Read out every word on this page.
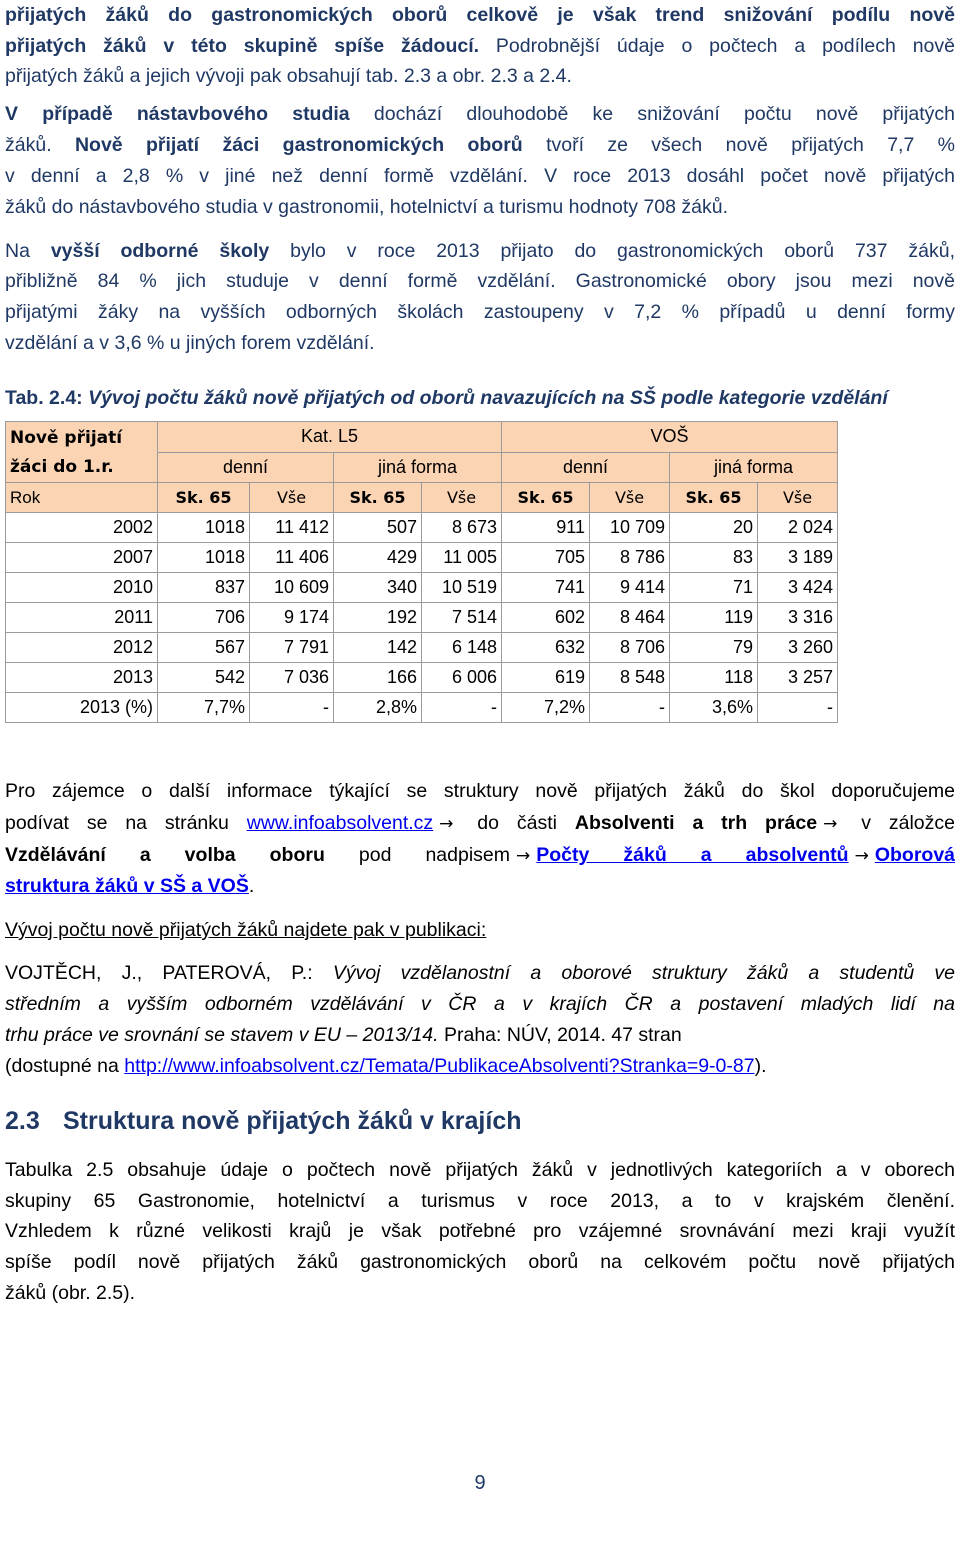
přijatých žáků do gastronomických oborů celkově je však trend snižování podílu nově
přijatých žáků v této skupině spíše žádoucí. Podrobnější údaje o počtech a podílech nově
přijatých žáků a jejich vývoji pak obsahují tab. 2.3 a obr. 2.3 a 2.4.
V případě nástavbového studia dochází dlouhodobě ke snižování počtu nově přijatých
žáků. Nově přijatí žáci gastronomických oborů tvoří ze všech nově přijatých 7,7 %
v denní a 2,8 % v jiné než denní formě vzdělání. V roce 2013 dosáhl počet nově přijatých
žáků do nástavbového studia v gastronomii, hotelnictví a turismu hodnoty 708 žáků.
Na vyšší odborné školy bylo v roce 2013 přijato do gastronomických oborů 737 žáků,
přibližně 84 % jich studuje v denní formě vzdělání. Gastronomické obory jsou mezi nově
přijatými žáky na vyšších odborných školách zastoupeny v 7,2 % případů u denní formy
vzdělání a v 3,6 % u jiných forem vzdělání.
Tab. 2.4: Vývoj počtu žáků nově přijatých od oborů navazujících na SŠ podle kategorie vzdělání
Nově přijatí
žáci do 1.r.	Kat. L5				VOŠ			
	denní		jiná forma		denní		jiná forma	
Rok	Sk. 65	Vše	Sk. 65	Vše	Sk. 65	Vše	Sk. 65	Vše
2002	1018	11 412	507	8 673	911	10 709	20	2 024
2007	1018	11 406	429	11 005	705	8 786	83	3 189
2010	837	10 609	340	10 519	741	9 414	71	3 424
2011	706	9 174	192	7 514	602	8 464	119	3 316
2012	567	7 791	142	6 148	632	8 706	79	3 260
2013	542	7 036	166	6 006	619	8 548	118	3 257
2013 (%)	7,7%	-	2,8%	-	7,2%	-	3,6%	-
Pro zájemce o další informace týkající se struktury nově přijatých žáků do škol doporučujeme
podívat se na stránku www.infoabsolvent.cz → do části Absolventi a trh práce → v záložce
Vzdělávání a volba oboru pod nadpisem → Počty žáků a absolventů → Oborová
struktura žáků v SŠ a VOŠ.
Vývoj počtu nově přijatých žáků najdete pak v publikaci:
VOJTĚCH, J., PATEROVÁ, P.: Vývoj vzdělanostní a oborové struktury žáků a studentů ve
středním a vyšším odborném vzdělávání v ČR a v krajích ČR a postavení mladých lidí na
trhu práce ve srovnání se stavem v EU – 2013/14. Praha: NÚV, 2014. 47 stran
(dostupné na http://www.infoabsolvent.cz/Temata/PublikaceAbsolventi?Stranka=9-0-87).
2.3 Struktura nově přijatých žáků v krajích
Tabulka 2.5 obsahuje údaje o počtech nově přijatých žáků v jednotlivých kategoriích a v oborech
skupiny 65 Gastronomie, hotelnictví a turismus v roce 2013, a to v krajském členění.
Vzhledem k různé velikosti krajů je však potřebné pro vzájemné srovnávání mezi kraji využít
spíše podíl nově přijatých žáků gastronomických oborů na celkovém počtu nově přijatých
žáků (obr. 2.5).
9
